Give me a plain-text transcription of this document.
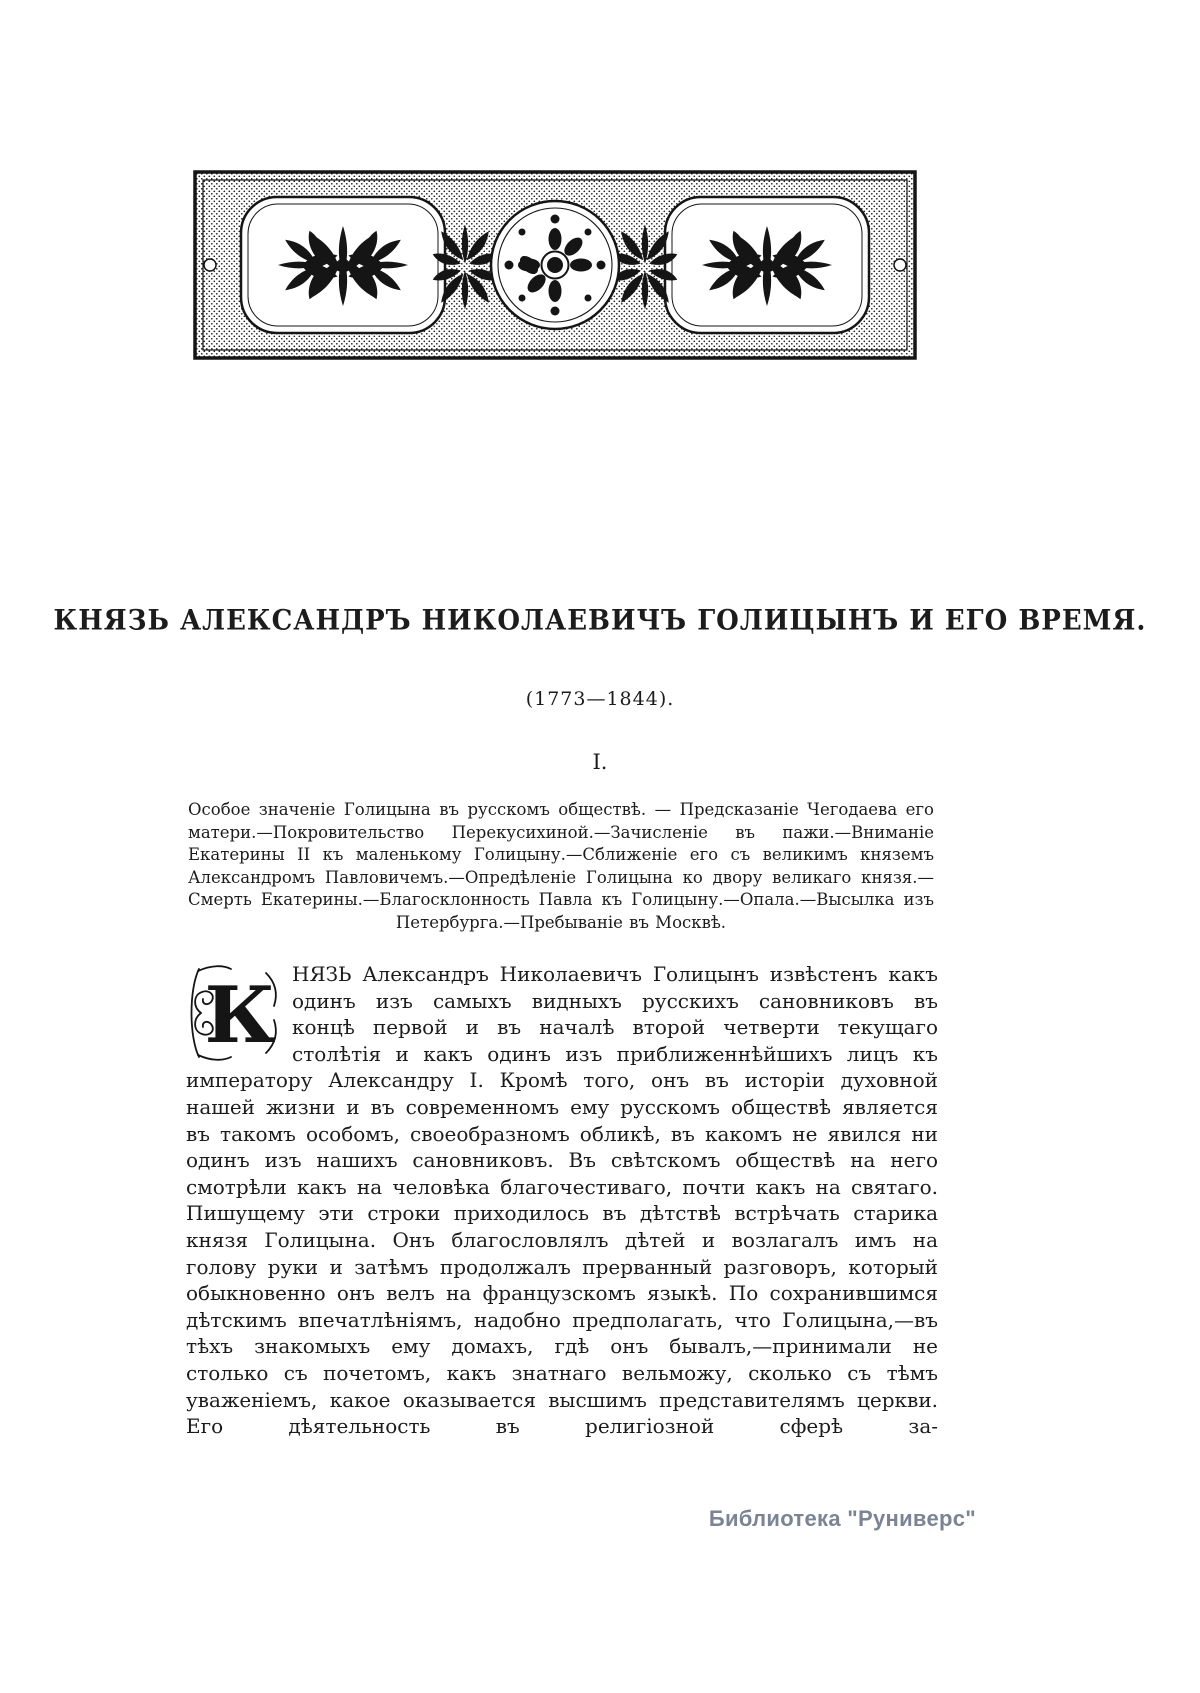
КНЯЗЬ АЛЕКСАНДРЪ НИКОЛАЕВИЧЪ ГОЛИЦЫНЪ И ЕГО ВРЕМЯ.
(1773—1844).
I.

Особое значеніе Голицына въ русскомъ обществѣ. — Предсказаніе Чегодаева его матери.—Покровительство Перекусихиной.—Зачисленіе въ пажи.—Вниманіе Екатерины II къ маленькому Голицыну.—Сближеніе его съ великимъ княземъ Александромъ Павловичемъ.—Опредѣленіе Голицына ко двору великаго князя.— Смерть Екатерины.—Благосклонность Павла къ Голицыну.—Опала.—Высылка изъ Петербурга.—Пребываніе въ Москвѣ.

К НЯЗЬ Александръ Николаевичъ Голицынъ извѣстенъ какъ одинъ изъ самыхъ видныхъ русскихъ сановниковъ въ концѣ первой и въ началѣ второй четверти текущаго столѣтія и какъ одинъ изъ приближеннѣйшихъ лицъ къ императору Александру I. Кромѣ того, онъ въ исторіи духовной нашей жизни и въ современномъ ему русскомъ обществѣ является въ такомъ особомъ, своеобразномъ обликѣ, въ какомъ не явился ни одинъ изъ нашихъ сановниковъ. Въ свѣтскомъ обществѣ на него смотрѣли какъ на человѣка благочестиваго, почти какъ на святаго. Пишущему эти строки приходилось въ дѣтствѣ встрѣчать старика князя Голицына. Онъ благословлялъ дѣтей и возлагалъ имъ на голову руки и затѣмъ продолжалъ прерванный разговоръ, который обыкновенно онъ велъ на французскомъ языкѣ. По сохранившимся дѣтскимъ впечатлѣніямъ, надобно предполагать, что Голицына,—въ тѣхъ знакомыхъ ему домахъ, гдѣ онъ бывалъ,—принимали не столько съ почетомъ, какъ знатнаго вельможу, сколько съ тѣмъ уваженіемъ, какое оказывается высшимъ представителямъ церкви. Его дѣятельность въ религіозной сферѣ за-

Библиотека "Руниверс"
